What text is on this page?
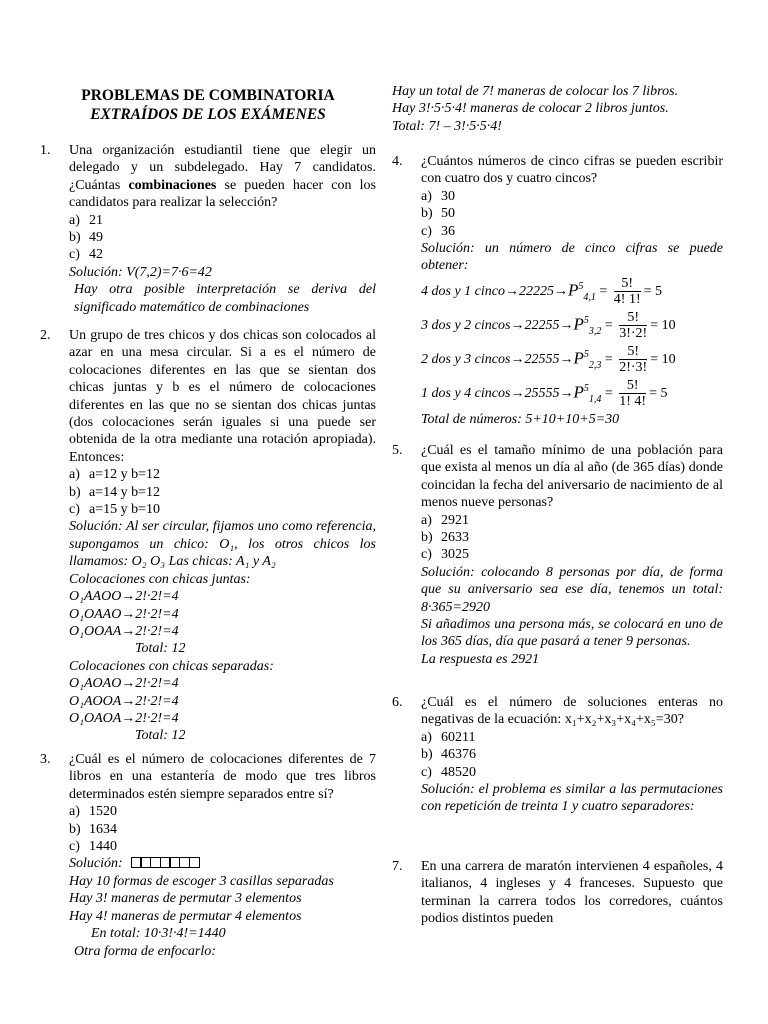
PROBLEMAS DE COMBINATORIA
EXTRAÍDOS DE LOS EXÁMENES
1. Una organización estudiantil tiene que elegir un delegado y un subdelegado. Hay 7 candidatos. ¿Cuántas combinaciones se pueden hacer con los candidatos para realizar la selección?
a) 21
b) 49
c) 42
Solución: V(7,2)=7·6=42
Hay otra posible interpretación se deriva del significado matemático de combinaciones
2. Un grupo de tres chicos y dos chicas son colocados al azar en una mesa circular. Si a es el número de colocaciones diferentes en las que se sientan dos chicas juntas y b es el número de colocaciones diferentes en las que no se sientan dos chicas juntas (dos colocaciones serán iguales si una puede ser obtenida de la otra mediante una rotación apropiada). Entonces:
a) a=12 y b=12
b) a=14 y b=12
c) a=15 y b=10
Solución: Al ser circular, fijamos uno como referencia, supongamos un chico: O₁, los otros chicos los llamamos: O₂ O₃ Las chicas: A₁ y A₂
Colocaciones con chicas juntas:
O₁AAOO→2!·2!=4
O₁OAAO→2!·2!=4
O₁OOAA→2!·2!=4
Total: 12
Colocaciones con chicas separadas:
O₁AOAO→2!·2!=4
O₁AOOA→2!·2!=4
O₁OAOA→2!·2!=4
Total: 12
3. ¿Cuál es el número de colocaciones diferentes de 7 libros en una estantería de modo que tres libros determinados estén siempre separados entre sí?
a) 1520
b) 1634
c) 1440
Solución:
Hay 10 formas de escoger 3 casillas separadas
Hay 3! maneras de permutar 3 elementos
Hay 4! maneras de permutar 4 elementos
En total: 10·3!·4!=1440
Otra forma de enfocarlo:
Hay un total de 7! maneras de colocar los 7 libros.
Hay 3!·5·5·4! maneras de colocar 2 libros juntos.
Total: 7! – 3!·5·5·4!
4. ¿Cuántos números de cinco cifras se pueden escribir con cuatro dos y cuatro cincos?
a) 30
b) 50
c) 36
Solución: un número de cinco cifras se puede obtener:
4 dos y 1 cinco → $22225 \to P^5_{4,1} = \frac{5!}{4! 1!} = 5$
3 dos y 2 $cincos \to 22255 \to P^5_{3,2} = \frac{5!}{3!\cdot 2!} = 10$
2 dos y 3 $cincos \to 22555 \to P^5_{2,3} = \frac{5!}{2!\cdot 3!} = 10$
1 dos y 4 $cincos \to 25555 \to P^5_{1,4} = \frac{5!}{1! 4!} = 5$
Total de números: 5+10+10+5=30
5. ¿Cuál es el tamaño mínimo de una población para que exista al menos un día al año (de 365 días) donde coincidan la fecha del aniversario de nacimiento de al menos nueve personas?
a) 2921
b) 2633
c) 3025
Solución: colocando 8 personas por día, de forma que su aniversario sea ese día, tenemos un total: 8·365=2920
Si añadimos una persona más, se colocará en uno de los 365 días, día que pasará a tener 9 personas.
La respuesta es 2921
6. ¿Cuál es el número de soluciones enteras no negativas de la ecuación: x₁+x₂+x₃+x₄+x₅=30?
a) 60211
b) 46376
c) 48520
Solución: el problema es similar a las permutaciones con repetición de treinta 1 y cuatro separadores:
7. En una carrera de maratón intervienen 4 españoles, 4 italianos, 4 ingleses y 4 franceses. Supuesto que terminan la carrera todos los corredores, cuántos podios distintos pueden
